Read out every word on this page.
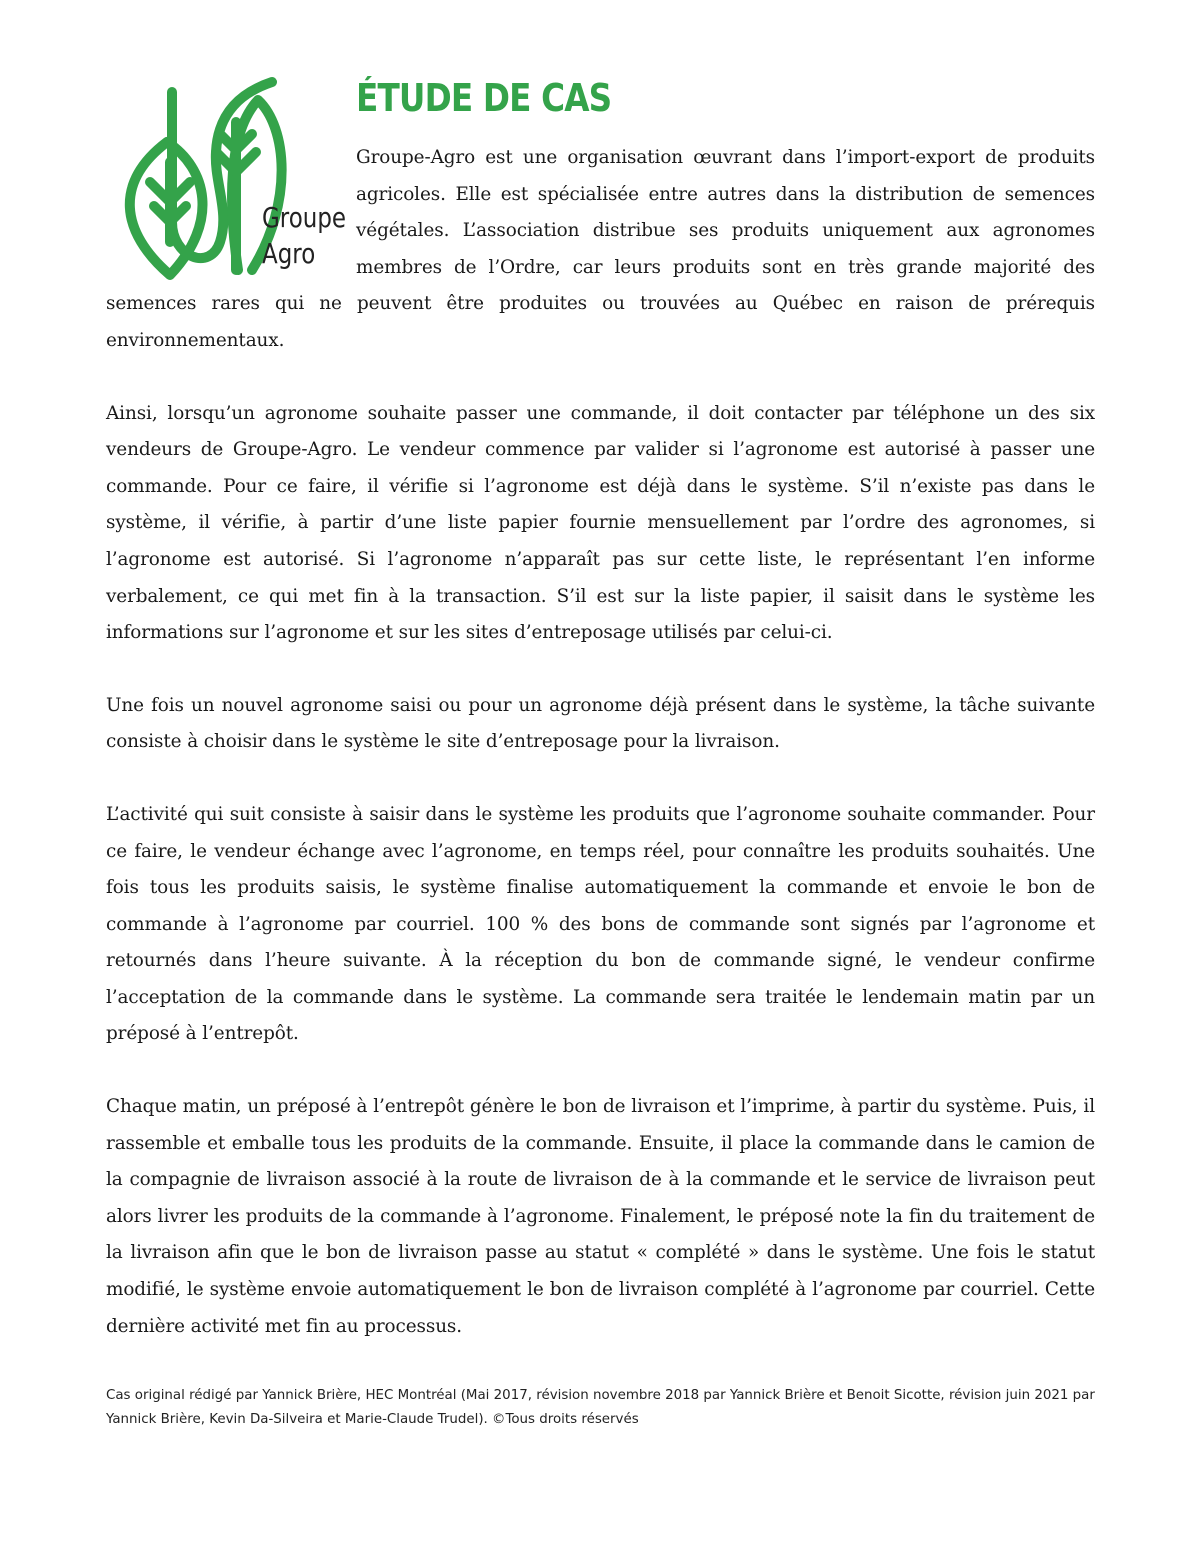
ÉTUDE DE CAS

Groupe-Agro est une organisation œuvrant dans l’import-export de produits agricoles. Elle est spécialisée entre autres dans la distribution de semences végétales. L’association distribue ses produits uniquement aux agronomes membres de l’Ordre, car leurs produits sont en très grande majorité des semences rares qui ne peuvent être produites ou trouvées au Québec en raison de prérequis environnementaux.

Ainsi, lorsqu’un agronome souhaite passer une commande, il doit contacter par téléphone un des six vendeurs de Groupe-Agro. Le vendeur commence par valider si l’agronome est autorisé à passer une commande. Pour ce faire, il vérifie si l’agronome est déjà dans le système. S’il n’existe pas dans le système, il vérifie, à partir d’une liste papier fournie mensuellement par l’ordre des agronomes, si l’agronome est autorisé. Si l’agronome n’apparaît pas sur cette liste, le représentant l’en informe verbalement, ce qui met fin à la transaction. S’il est sur la liste papier, il saisit dans le système les informations sur l’agronome et sur les sites d’entreposage utilisés par celui-ci.

Une fois un nouvel agronome saisi ou pour un agronome déjà présent dans le système, la tâche suivante consiste à choisir dans le système le site d’entreposage pour la livraison.

L’activité qui suit consiste à saisir dans le système les produits que l’agronome souhaite commander. Pour ce faire, le vendeur échange avec l’agronome, en temps réel, pour connaître les produits souhaités. Une fois tous les produits saisis, le système finalise automatiquement la commande et envoie le bon de commande à l’agronome par courriel. 100 % des bons de commande sont signés par l’agronome et retournés dans l’heure suivante. À la réception du bon de commande signé, le vendeur confirme l’acceptation de la commande dans le système. La commande sera traitée le lendemain matin par un préposé à l’entrepôt.

Chaque matin, un préposé à l’entrepôt génère le bon de livraison et l’imprime, à partir du système. Puis, il rassemble et emballe tous les produits de la commande. Ensuite, il place la commande dans le camion de la compagnie de livraison associé à la route de livraison de à la commande et le service de livraison peut alors livrer les produits de la commande à l’agronome. Finalement, le préposé note la fin du traitement de la livraison afin que le bon de livraison passe au statut « complété » dans le système. Une fois le statut modifié, le système envoie automatiquement le bon de livraison complété à l’agronome par courriel. Cette dernière activité met fin au processus.

Cas original rédigé par Yannick Brière, HEC Montréal (Mai 2017, révision novembre 2018 par Yannick Brière et Benoit Sicotte, révision juin 2021 par Yannick Brière, Kevin Da-Silveira et Marie-Claude Trudel). ©Tous droits réservés
Groupe
Agro
